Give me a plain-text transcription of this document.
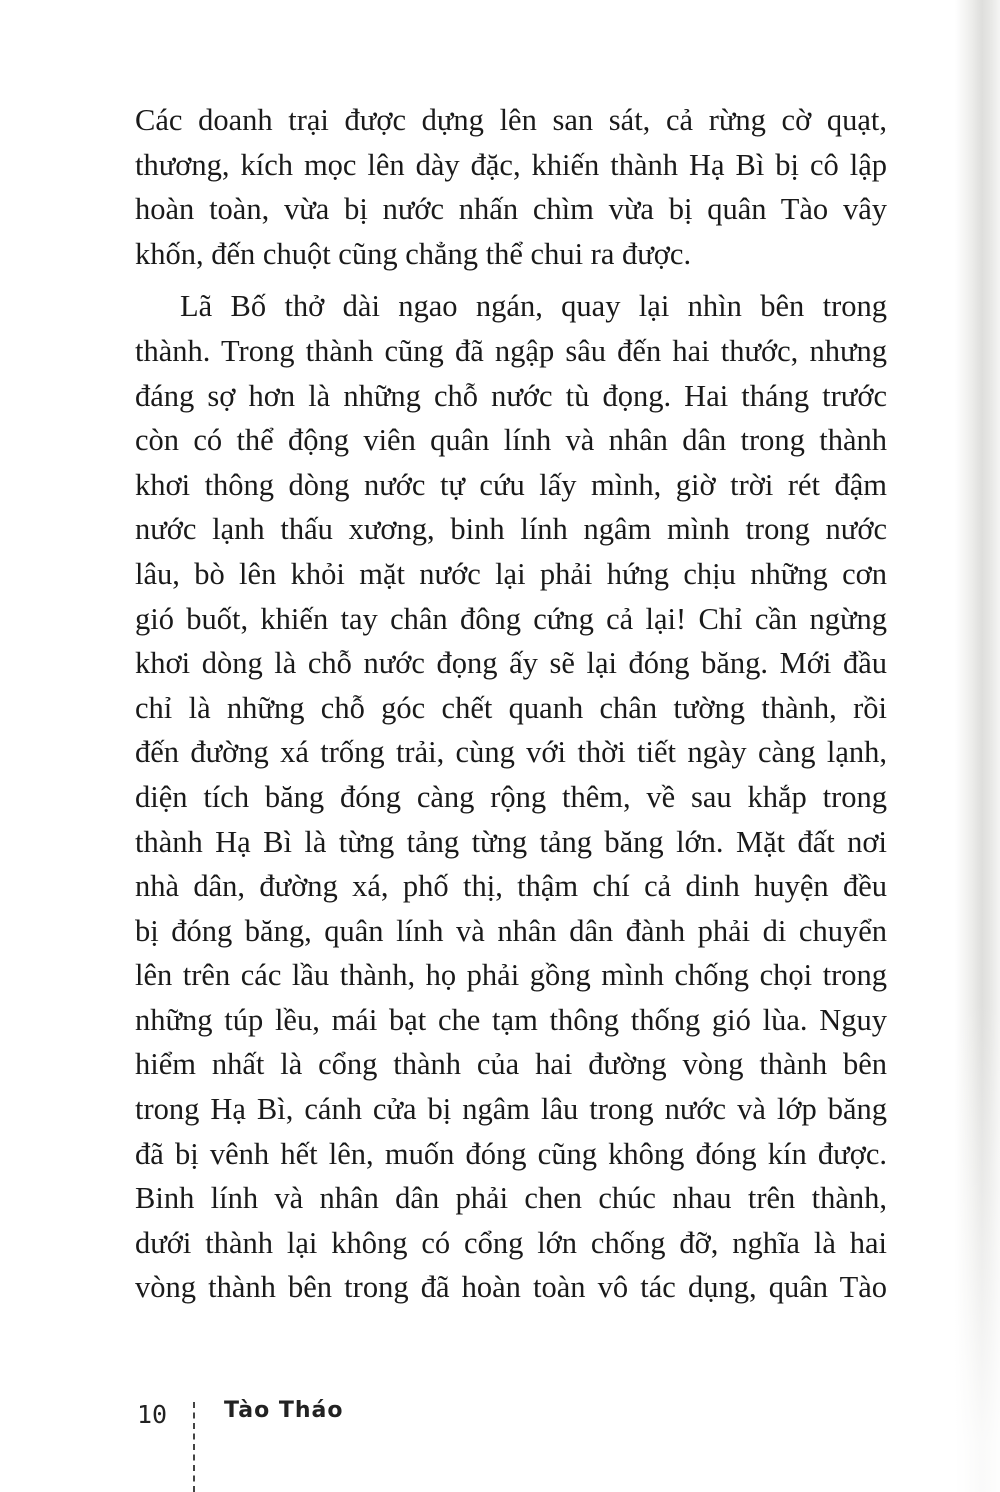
Các doanh trại được dựng lên san sát, cả rừng cờ quạt,
thương, kích mọc lên dày đặc, khiến thành Hạ Bì bị cô lập
hoàn toàn, vừa bị nước nhấn chìm vừa bị quân Tào vây
khốn, đến chuột cũng chẳng thể chui ra được.

Lã Bố thở dài ngao ngán, quay lại nhìn bên trong
thành. Trong thành cũng đã ngập sâu đến hai thước, nhưng
đáng sợ hơn là những chỗ nước tù đọng. Hai tháng trước
còn có thể động viên quân lính và nhân dân trong thành
khơi thông dòng nước tự cứu lấy mình, giờ trời rét đậm
nước lạnh thấu xương, binh lính ngâm mình trong nước
lâu, bò lên khỏi mặt nước lại phải hứng chịu những cơn
gió buốt, khiến tay chân đông cứng cả lại! Chỉ cần ngừng
khơi dòng là chỗ nước đọng ấy sẽ lại đóng băng. Mới đầu
chỉ là những chỗ góc chết quanh chân tường thành, rồi
đến đường xá trống trải, cùng với thời tiết ngày càng lạnh,
diện tích băng đóng càng rộng thêm, về sau khắp trong
thành Hạ Bì là từng tảng từng tảng băng lớn. Mặt đất nơi
nhà dân, đường xá, phố thị, thậm chí cả dinh huyện đều
bị đóng băng, quân lính và nhân dân đành phải di chuyển
lên trên các lầu thành, họ phải gồng mình chống chọi trong
những túp lều, mái bạt che tạm thông thống gió lùa. Nguy
hiểm nhất là cổng thành của hai đường vòng thành bên
trong Hạ Bì, cánh cửa bị ngâm lâu trong nước và lớp băng
đã bị vênh hết lên, muốn đóng cũng không đóng kín được.
Binh lính và nhân dân phải chen chúc nhau trên thành,
dưới thành lại không có cổng lớn chống đỡ, nghĩa là hai
vòng thành bên trong đã hoàn toàn vô tác dụng, quân Tào

10	Tào Tháo
